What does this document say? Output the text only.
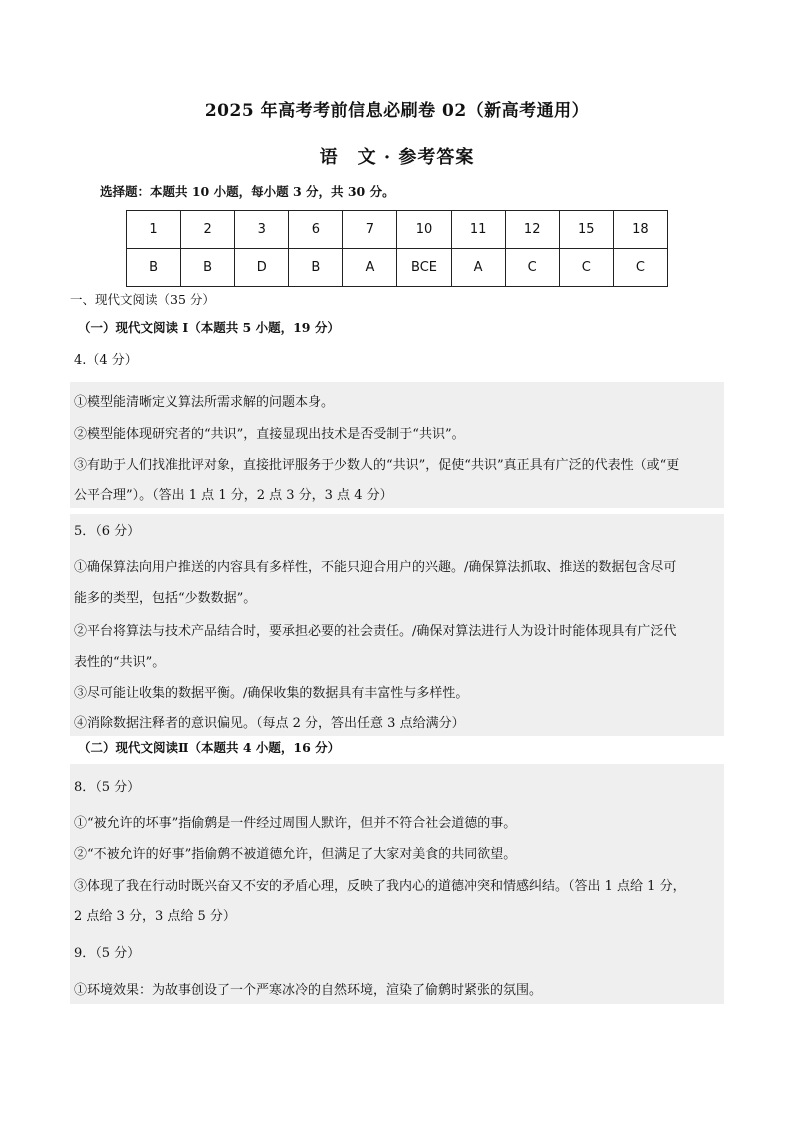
2025 年高考考前信息必刷卷 02（新高考通用）
语　文 · 参考答案
选择题：本题共 10 小题，每小题 3 分，共 30 分。
1	2	3	6	7	10	11	12	15	18
B	B	D	B	A	BCE	A	C	C	C
一、现代文阅读（35 分）
（一）现代文阅读 Ⅰ（本题共 5 小题，19 分）
4.（4 分）
①模型能清晰定义算法所需求解的问题本身。
②模型能体现研究者的“共识”，直接显现出技术是否受制于“共识”。
③有助于人们找准批评对象，直接批评服务于少数人的“共识”，促使“共识”真正具有广泛的代表性（或“更
公平合理”）。（答出 1 点 1 分，2 点 3 分，3 点 4 分）
5．（6 分）
①确保算法向用户推送的内容具有多样性，不能只迎合用户的兴趣。/确保算法抓取、推送的数据包含尽可
能多的类型，包括“少数数据”。
②平台将算法与技术产品结合时，要承担必要的社会责任。/确保对算法进行人为设计时能体现具有广泛代
表性的“共识”。
③尽可能让收集的数据平衡。/确保收集的数据具有丰富性与多样性。
④消除数据注释者的意识偏见。（每点 2 分，答出任意 3 点给满分）
（二）现代文阅读Ⅱ（本题共 4 小题，16 分）
8．（5 分）
①“被允许的坏事”指偷鹩是一件经过周围人默许，但并不符合社会道德的事。
②“不被允许的好事”指偷鹩不被道德允许，但满足了大家对美食的共同欲望。
③体现了我在行动时既兴奋又不安的矛盾心理，反映了我内心的道德冲突和情感纠结。（答出 1 点给 1 分，
2 点给 3 分，3 点给 5 分）
9．（5 分）
①环境效果：为故事创设了一个严寒冰冷的自然环境，渲染了偷鹩时紧张的氛围。
